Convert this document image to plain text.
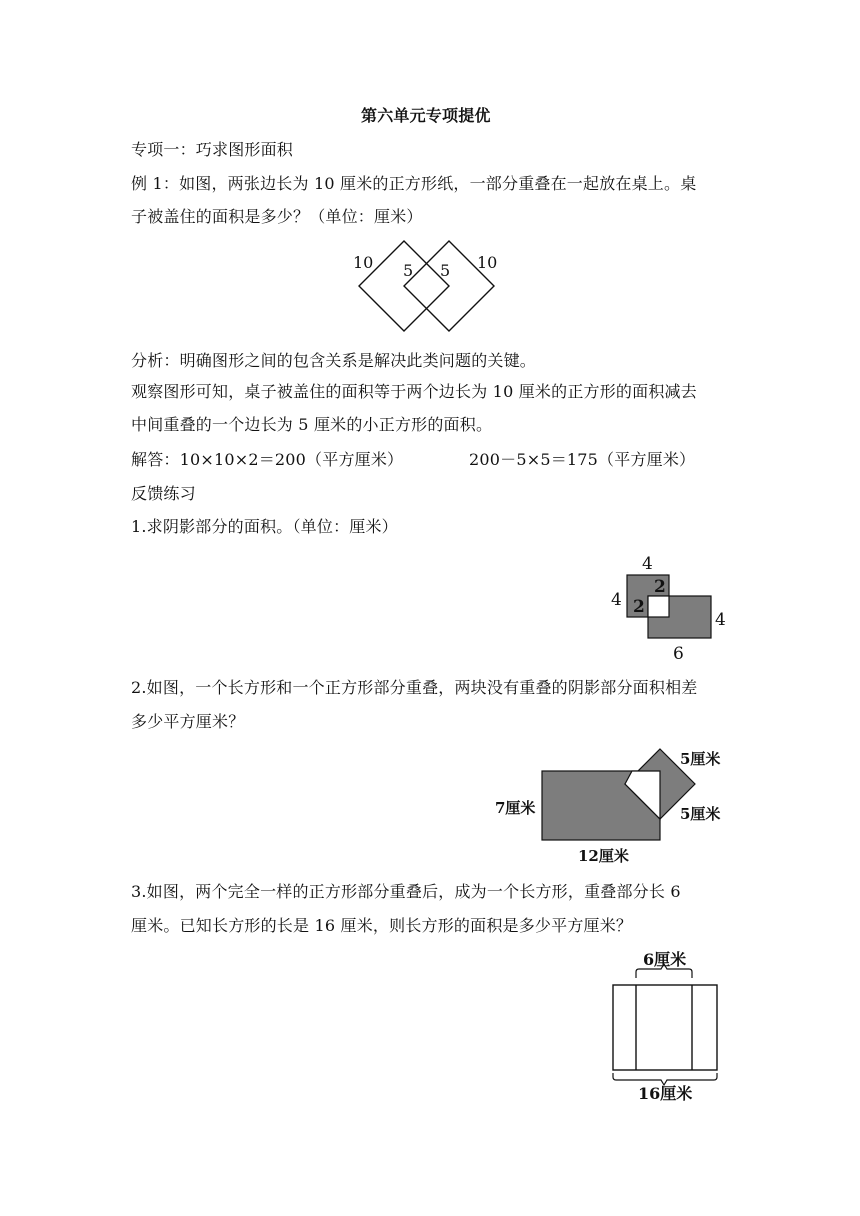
第六单元专项提优
专项一：巧求图形面积
例 1：如图，两张边长为 10 厘米的正方形纸，一部分重叠在一起放在桌上。桌
子被盖住的面积是多少？（单位：厘米）
10 5 5 10
分析：明确图形之间的包含关系是解决此类问题的关键。
观察图形可知，桌子被盖住的面积等于两个边长为 10 厘米的正方形的面积减去
中间重叠的一个边长为 5 厘米的小正方形的面积。
解答：10×10×2＝200（平方厘米）	200－5×5＝175（平方厘米）
反馈练习
1.求阴影部分的面积。（单位：厘米）
4
2
4 2
4
6
2.如图，一个长方形和一个正方形部分重叠，两块没有重叠的阴影部分面积相差
多少平方厘米？
5厘米
5厘米
7厘米
12厘米
3.如图，两个完全一样的正方形部分重叠后，成为一个长方形，重叠部分长 6
厘米。已知长方形的长是 16 厘米，则长方形的面积是多少平方厘米？
6厘米
16厘米
